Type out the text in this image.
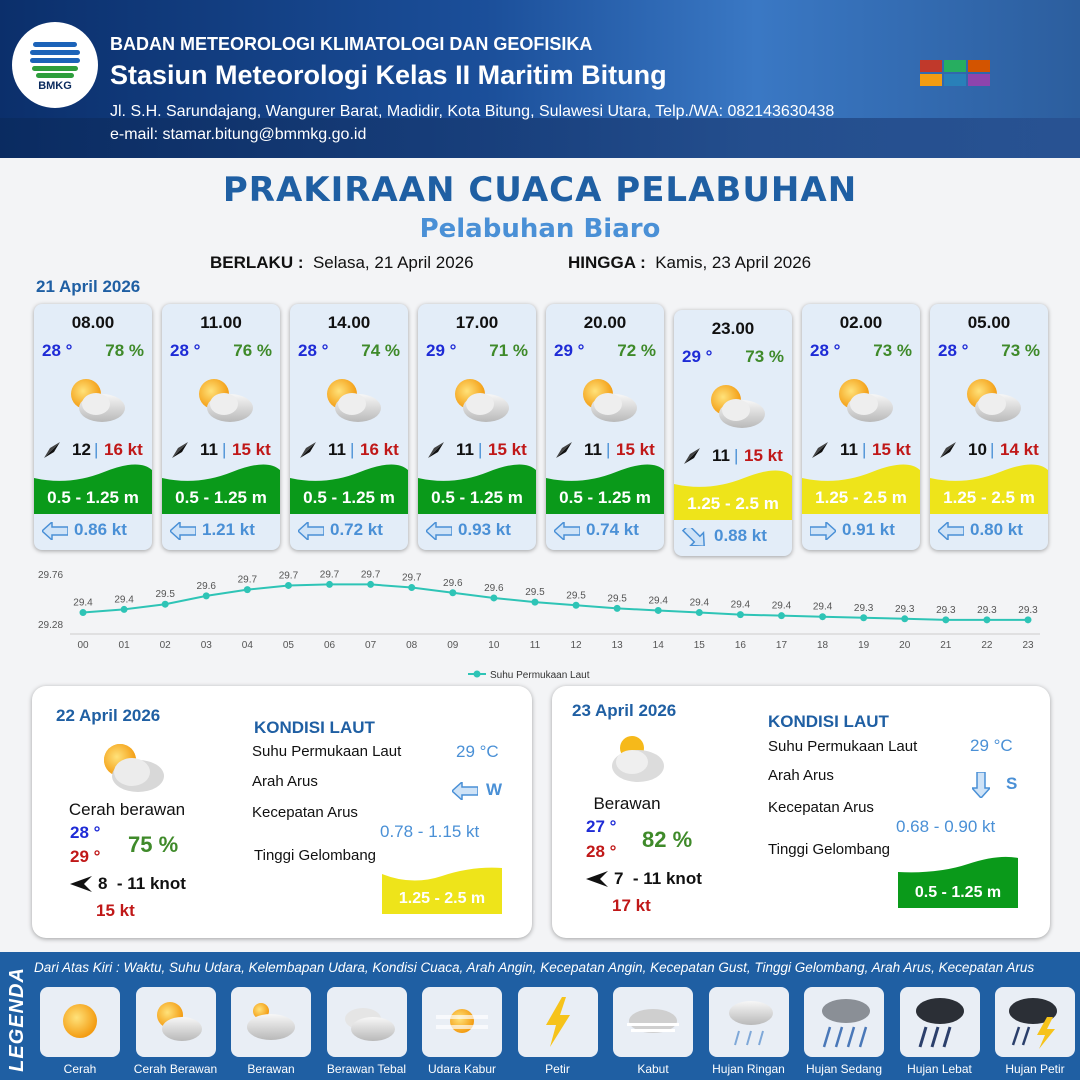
BMKG
BADAN METEOROLOGI KLIMATOLOGI DAN GEOFISIKA
Stasiun Meteorologi Kelas II Maritim Bitung
Jl. S.H. Sarundajang, Wangurer Barat, Madidir, Kota Bitung, Sulawesi Utara, Telp./WA: 082143630438
e-mail: stamar.bitung@bmmkg.go.id
PRAKIRAAN CUACA PELABUHAN
Pelabuhan Biaro
BERLAKU : Selasa, 21 April 2026	HINGGA : Kamis, 23 April 2026
21 April 2026
08.00
28 ° 78 %
12 | 16 kt
0.5 - 1.25 m
0.86 kt
11.00
28 ° 76 %
11 | 15 kt
0.5 - 1.25 m
1.21 kt
14.00
28 ° 74 %
11 | 16 kt
0.5 - 1.25 m
0.72 kt
17.00
29 ° 71 %
11 | 15 kt
0.5 - 1.25 m
0.93 kt
20.00
29 ° 72 %
11 | 15 kt
0.5 - 1.25 m
0.74 kt
23.00
29 ° 73 %
11 | 15 kt
1.25 - 2.5 m
0.88 kt
02.00
28 ° 73 %
11 | 15 kt
1.25 - 2.5 m
0.91 kt
05.00
28 ° 73 %
10 | 14 kt
1.25 - 2.5 m
0.80 kt
29.76
29.28
29.4
00
29.4
01
29.5
02
29.6
03
29.7
04
29.7
05
29.7
06
29.7
07
29.7
08
29.6
09
29.6
10
29.5
11
29.5
12
29.5
13
29.4
14
29.4
15
29.4
16
29.4
17
29.4
18
29.3
19
29.3
20
29.3
21
29.3
22
29.3
23
Suhu Permukaan Laut
22 April 2026
Cerah berawan
28 °
29 ° 75 %
8  - 11 knot
15 kt
KONDISI LAUT
Suhu Permukaan Laut	29 °C
Arah Arus	W
Kecepatan Arus
0.78 - 1.15 kt
Tinggi Gelombang
1.25 - 2.5 m
23 April 2026
Berawan
27 °
28 ° 82 %
7  - 11 knot
17 kt
KONDISI LAUT
Suhu Permukaan Laut	29 °C
Arah Arus	S
Kecepatan Arus
0.68 - 0.90 kt
Tinggi Gelombang
0.5 - 1.25 m
LEGENDA Dari Atas Kiri : Waktu, Suhu Udara, Kelembapan Udara, Kondisi Cuaca, Arah Angin, Kecepatan Angin, Kecepatan Gust, Tinggi Gelombang, Arah Arus, Kecepatan Arus
Cerah	Cerah Berawan	Berawan	Berawan Tebal	Udara Kabur	Petir	Kabut	Hujan Ringan	Hujan Sedang	Hujan Lebat	Hujan Petir
